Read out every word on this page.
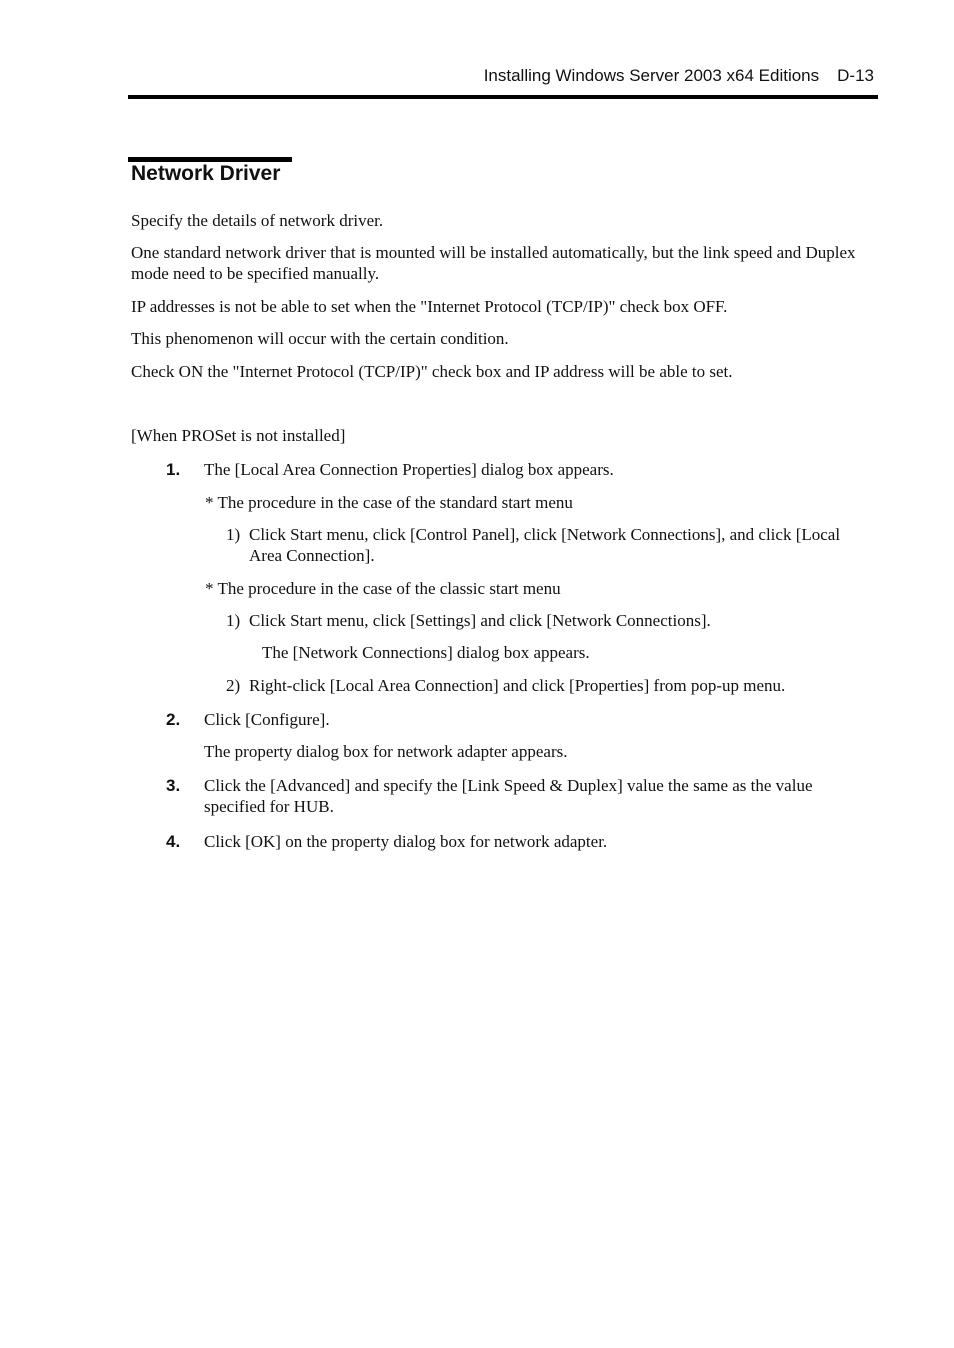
Installing Windows Server 2003 x64 Editions D-13
Network Driver

Specify the details of network driver.

One standard network driver that is mounted will be installed automatically, but the link speed and Duplex mode need to be specified manually.

IP addresses is not be able to set when the "Internet Protocol (TCP/IP)" check box OFF.

This phenomenon will occur with the certain condition.

Check ON the "Internet Protocol (TCP/IP)" check box and IP address will be able to set.

[When PROSet is not installed]

1. The [Local Area Connection Properties] dialog box appears.

* The procedure in the case of the standard start menu

1) Click Start menu, click [Control Panel], click [Network Connections], and click [Local Area Connection].

* The procedure in the case of the classic start menu

1) Click Start menu, click [Settings] and click [Network Connections].

The [Network Connections] dialog box appears.

2) Right-click [Local Area Connection] and click [Properties] from pop-up menu.

2. Click [Configure].

The property dialog box for network adapter appears.

3. Click the [Advanced] and specify the [Link Speed & Duplex] value the same as the value specified for HUB.

4. Click [OK] on the property dialog box for network adapter.
